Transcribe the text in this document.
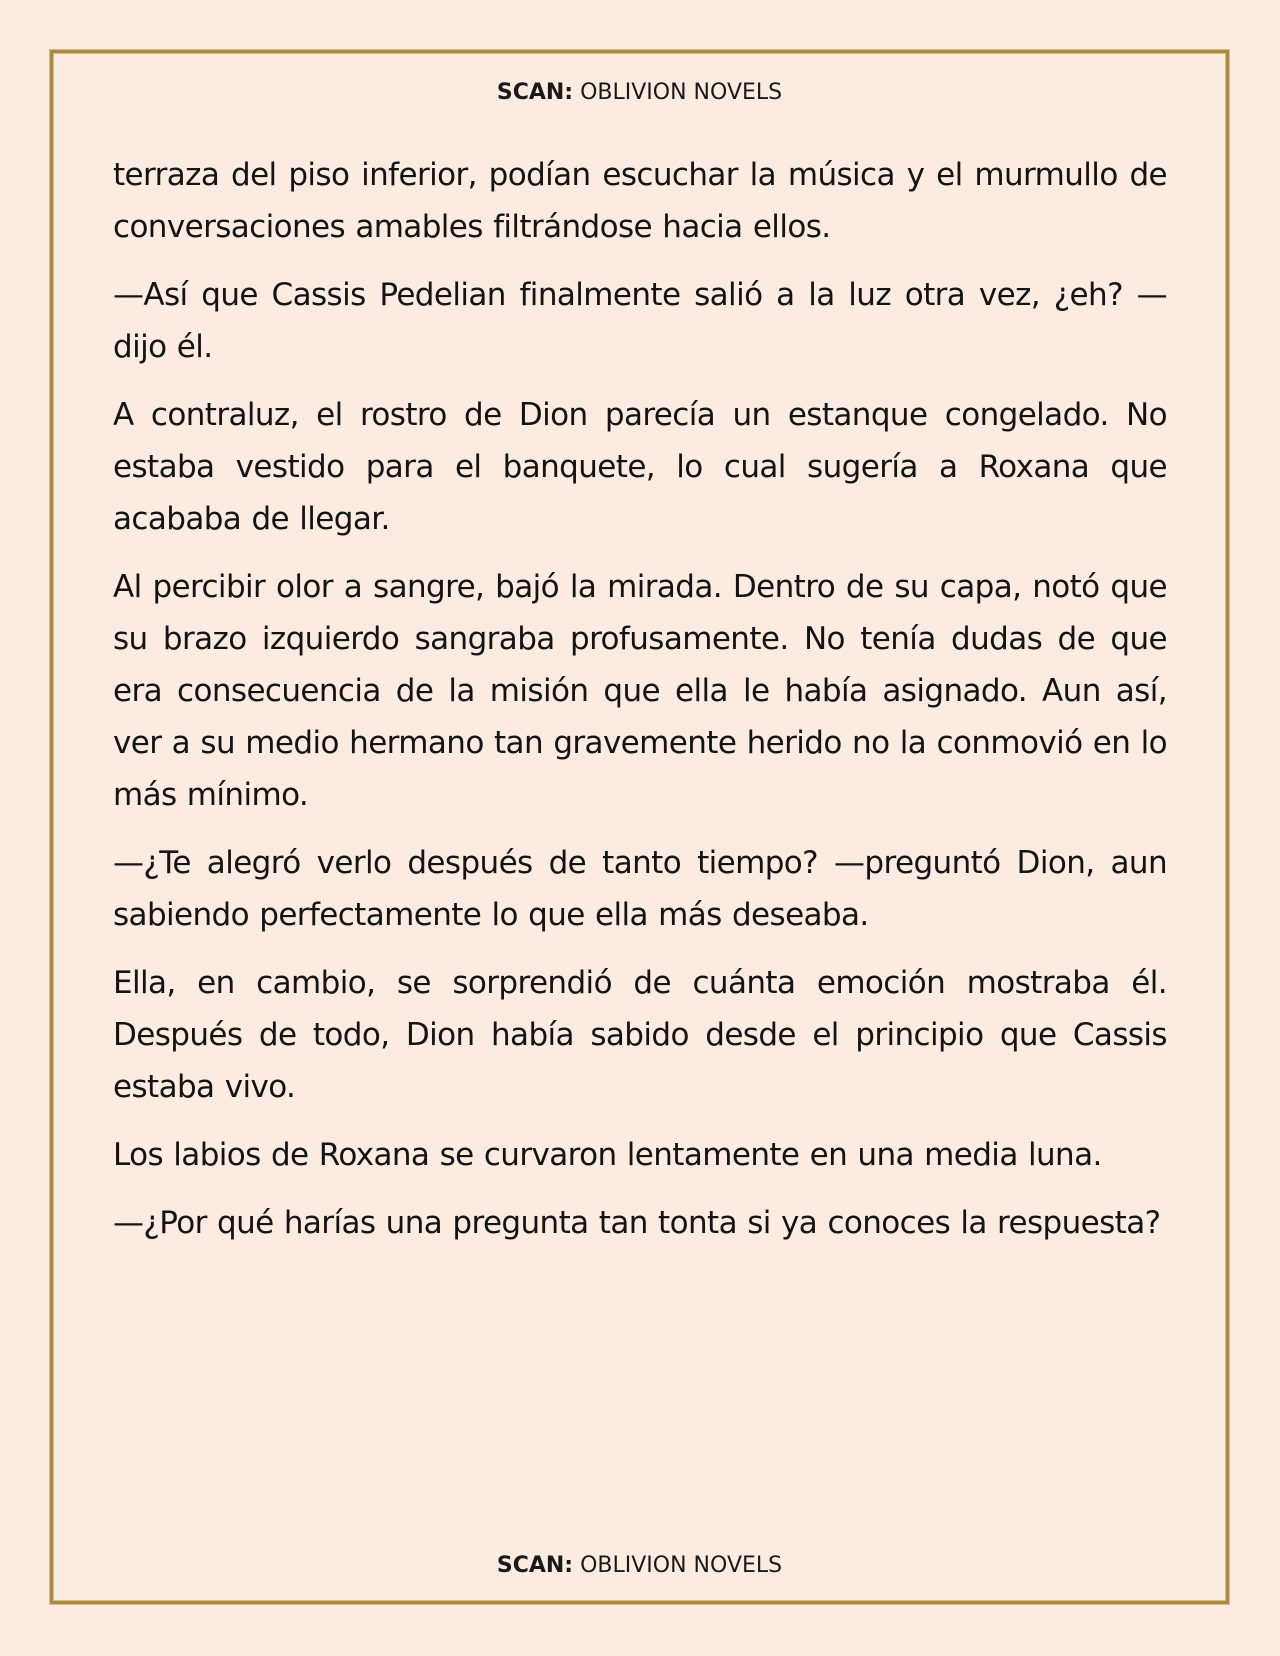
SCAN: OBLIVION NOVELS

terraza del piso inferior, podían escuchar la música y el murmullo de conversaciones amables filtrándose hacia ellos.

—Así que Cassis Pedelian finalmente salió a la luz otra vez, ¿eh? —dijo él.

A contraluz, el rostro de Dion parecía un estanque congelado. No estaba vestido para el banquete, lo cual sugería a Roxana que acababa de llegar.

Al percibir olor a sangre, bajó la mirada. Dentro de su capa, notó que su brazo izquierdo sangraba profusamente. No tenía dudas de que era consecuencia de la misión que ella le había asignado. Aun así, ver a su medio hermano tan gravemente herido no la conmovió en lo más mínimo.

—¿Te alegró verlo después de tanto tiempo? —preguntó Dion, aun sabiendo perfectamente lo que ella más deseaba.

Ella, en cambio, se sorprendió de cuánta emoción mostraba él. Después de todo, Dion había sabido desde el principio que Cassis estaba vivo.

Los labios de Roxana se curvaron lentamente en una media luna.

—¿Por qué harías una pregunta tan tonta si ya conoces la respuesta?

SCAN: OBLIVION NOVELS
